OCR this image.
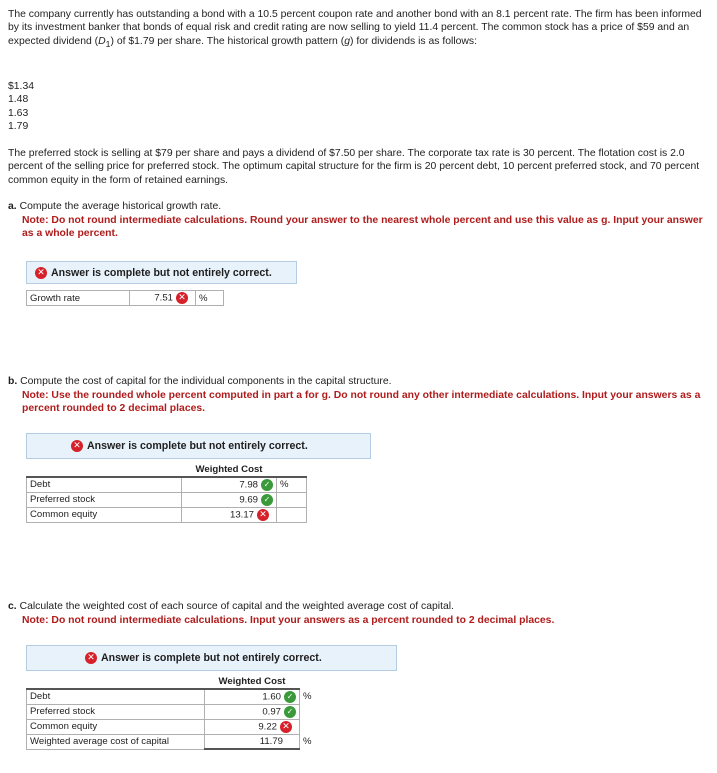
The company currently has outstanding a bond with a 10.5 percent coupon rate and another bond with an 8.1 percent rate. The firm has been informed by its investment banker that bonds of equal risk and credit rating are now selling to yield 11.4 percent. The common stock has a price of $59 and an expected dividend $(D_1)$ of $1.79 per share. The historical growth pattern (g) for dividends is as follows:

$1.34
1.48
1.63
1.79

The preferred stock is selling at $79 per share and pays a dividend of $7.50 per share. The corporate tax rate is 30 percent. The flotation cost is 2.0 percent of the selling price for preferred stock. The optimum capital structure for the firm is 20 percent debt, 10 percent preferred stock, and 70 percent common equity in the form of retained earnings.

a. Compute the average historical growth rate.
Note: Do not round intermediate calculations. Round your answer to the nearest whole percent and use this value as g. Input your answer as a whole percent.
✕ Answer is complete but not entirely correct.
Growth rate	7.51 ✕	%
b. Compute the cost of capital for the individual components in the capital structure.
Note: Use the rounded whole percent computed in part a for g. Do not round any other intermediate calculations. Input your answers as a percent rounded to 2 decimal places.
✕ Answer is complete but not entirely correct.
	Weighted Cost	
Debt	7.98 ✓	%
Preferred stock	9.69 ✓	
Common equity	13.17 ✕	
c. Calculate the weighted cost of each source of capital and the weighted average cost of capital.
Note: Do not round intermediate calculations. Input your answers as a percent rounded to 2 decimal places.
✕ Answer is complete but not entirely correct.
	Weighted Cost	
Debt	1.60 ✓	%
Preferred stock	0.97 ✓	
Common equity	9.22 ✕	
Weighted average cost of capital	11.79	%
